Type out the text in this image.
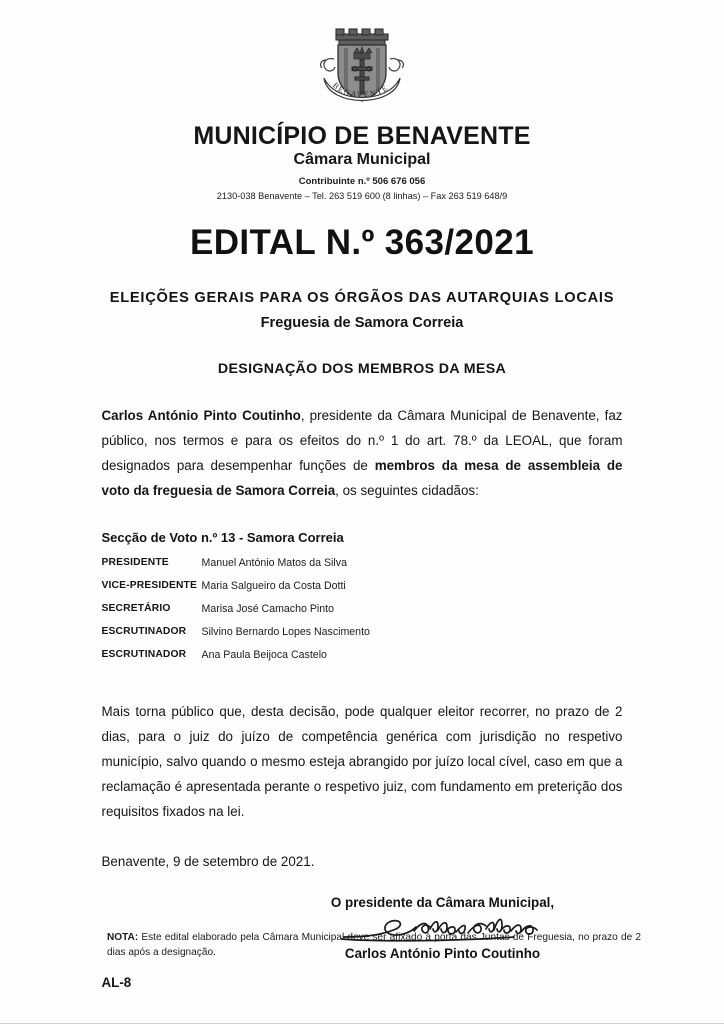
BENAVENTE
MUNICÍPIO DE BENAVENTE
Câmara Municipal
Contribuinte n.º 506 676 056
2130-038 Benavente – Tel. 263 519 600 (8 linhas) – Fax 263 519 648/9
EDITAL N.º 363/2021
ELEIÇÕES GERAIS PARA OS ÓRGÃOS DAS AUTARQUIAS LOCAIS
Freguesia de Samora Correia
DESIGNAÇÃO DOS MEMBROS DA MESA

Carlos António Pinto Coutinho, presidente da Câmara Municipal de Benavente, faz público, nos termos e para os efeitos do n.º 1 do art. 78.º da LEOAL, que foram designados para desempenhar funções de membros da mesa de assembleia de voto da freguesia de Samora Correia, os seguintes cidadãos:

Secção de Voto n.º 13 - Samora Correia
PRESIDENTE	Manuel António Matos da Silva
VICE-PRESIDENTE	Maria Salgueiro da Costa Dotti
SECRETÁRIO	Marisa José Camacho Pinto
ESCRUTINADOR	Silvino Bernardo Lopes Nascimento
ESCRUTINADOR	Ana Paula Beijoca Castelo

Mais torna público que, desta decisão, pode qualquer eleitor recorrer, no prazo de 2 dias, para o juiz do juízo de competência genérica com jurisdição no respetivo município, salvo quando o mesmo esteja abrangido por juízo local cível, caso em que a reclamação é apresentada perante o respetivo juiz, com fundamento em preterição dos requisitos fixados na lei.

Benavente, 9 de setembro de 2021.
O presidente da Câmara Municipal,
Carlos António Pinto Coutinho
AL-8
NOTA: Este edital elaborado pela Câmara Municipal deve ser afixado à porta das Juntas de Freguesia, no prazo de 2 dias após a designação.
